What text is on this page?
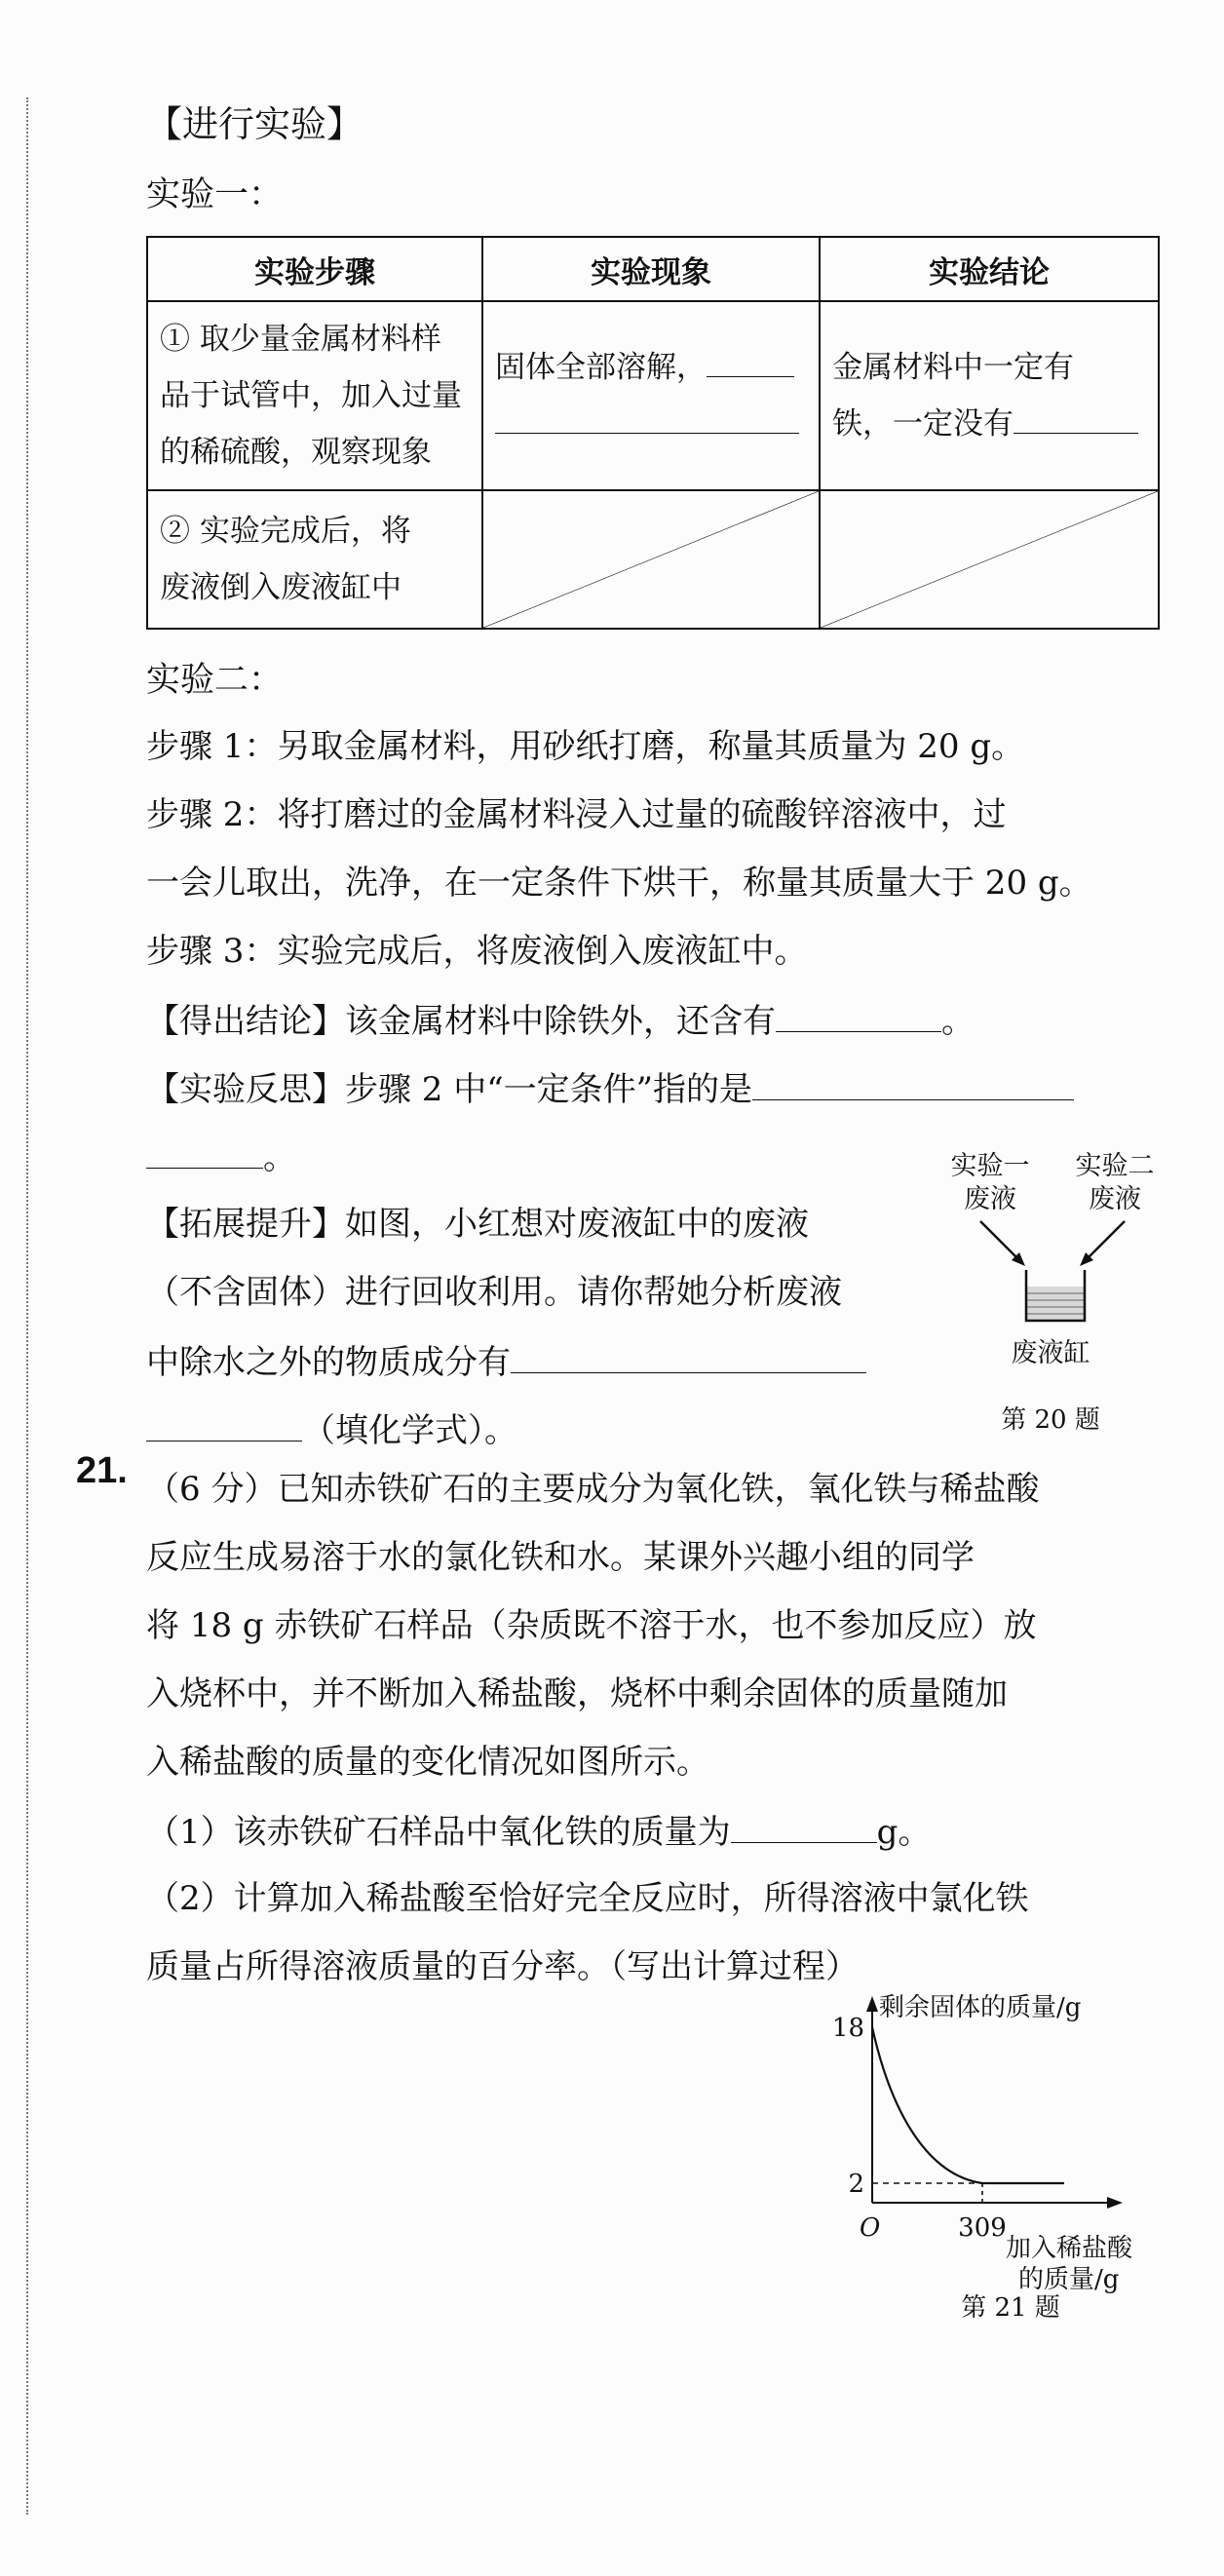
【进行实验】
实验一：
实验步骤	实验现象	实验结论

① 取少量金属材料样
品于试管中，加入过量
的稀硫酸，观察现象	固体全部溶解，	金属材料中一定有
铁，一定没有

② 实验完成后，将
废液倒入废液缸中

实验二：
步骤 1：另取金属材料，用砂纸打磨，称量其质量为 20 g。
步骤 2：将打磨过的金属材料浸入过量的硫酸锌溶液中，过
一会儿取出，洗净，在一定条件下烘干，称量其质量大于 20 g。
步骤 3：实验完成后，将废液倒入废液缸中。
【得出结论】该金属材料中除铁外，还含有	。
【实验反思】步骤 2 中“一定条件”指的是
。
【拓展提升】如图，小红想对废液缸中的废液
（不含固体）进行回收利用。请你帮她分析废液
中除水之外的物质成分有
（填化学式）。
实验一
废液
实验二
废液
废液缸
第 20 题
21. （6 分）已知赤铁矿石的主要成分为氧化铁，氧化铁与稀盐酸
反应生成易溶于水的氯化铁和水。某课外兴趣小组的同学
将 18 g 赤铁矿石样品（杂质既不溶于水，也不参加反应）放
入烧杯中，并不断加入稀盐酸，烧杯中剩余固体的质量随加
入稀盐酸的质量的变化情况如图所示。
（1）该赤铁矿石样品中氧化铁的质量为	g。
（2）计算加入稀盐酸至恰好完全反应时，所得溶液中氯化铁
质量占所得溶液质量的百分率。（写出计算过程）
剩余固体的质量/g
加入稀盐酸
的质量/g
O
第 21 题
18
2
309
